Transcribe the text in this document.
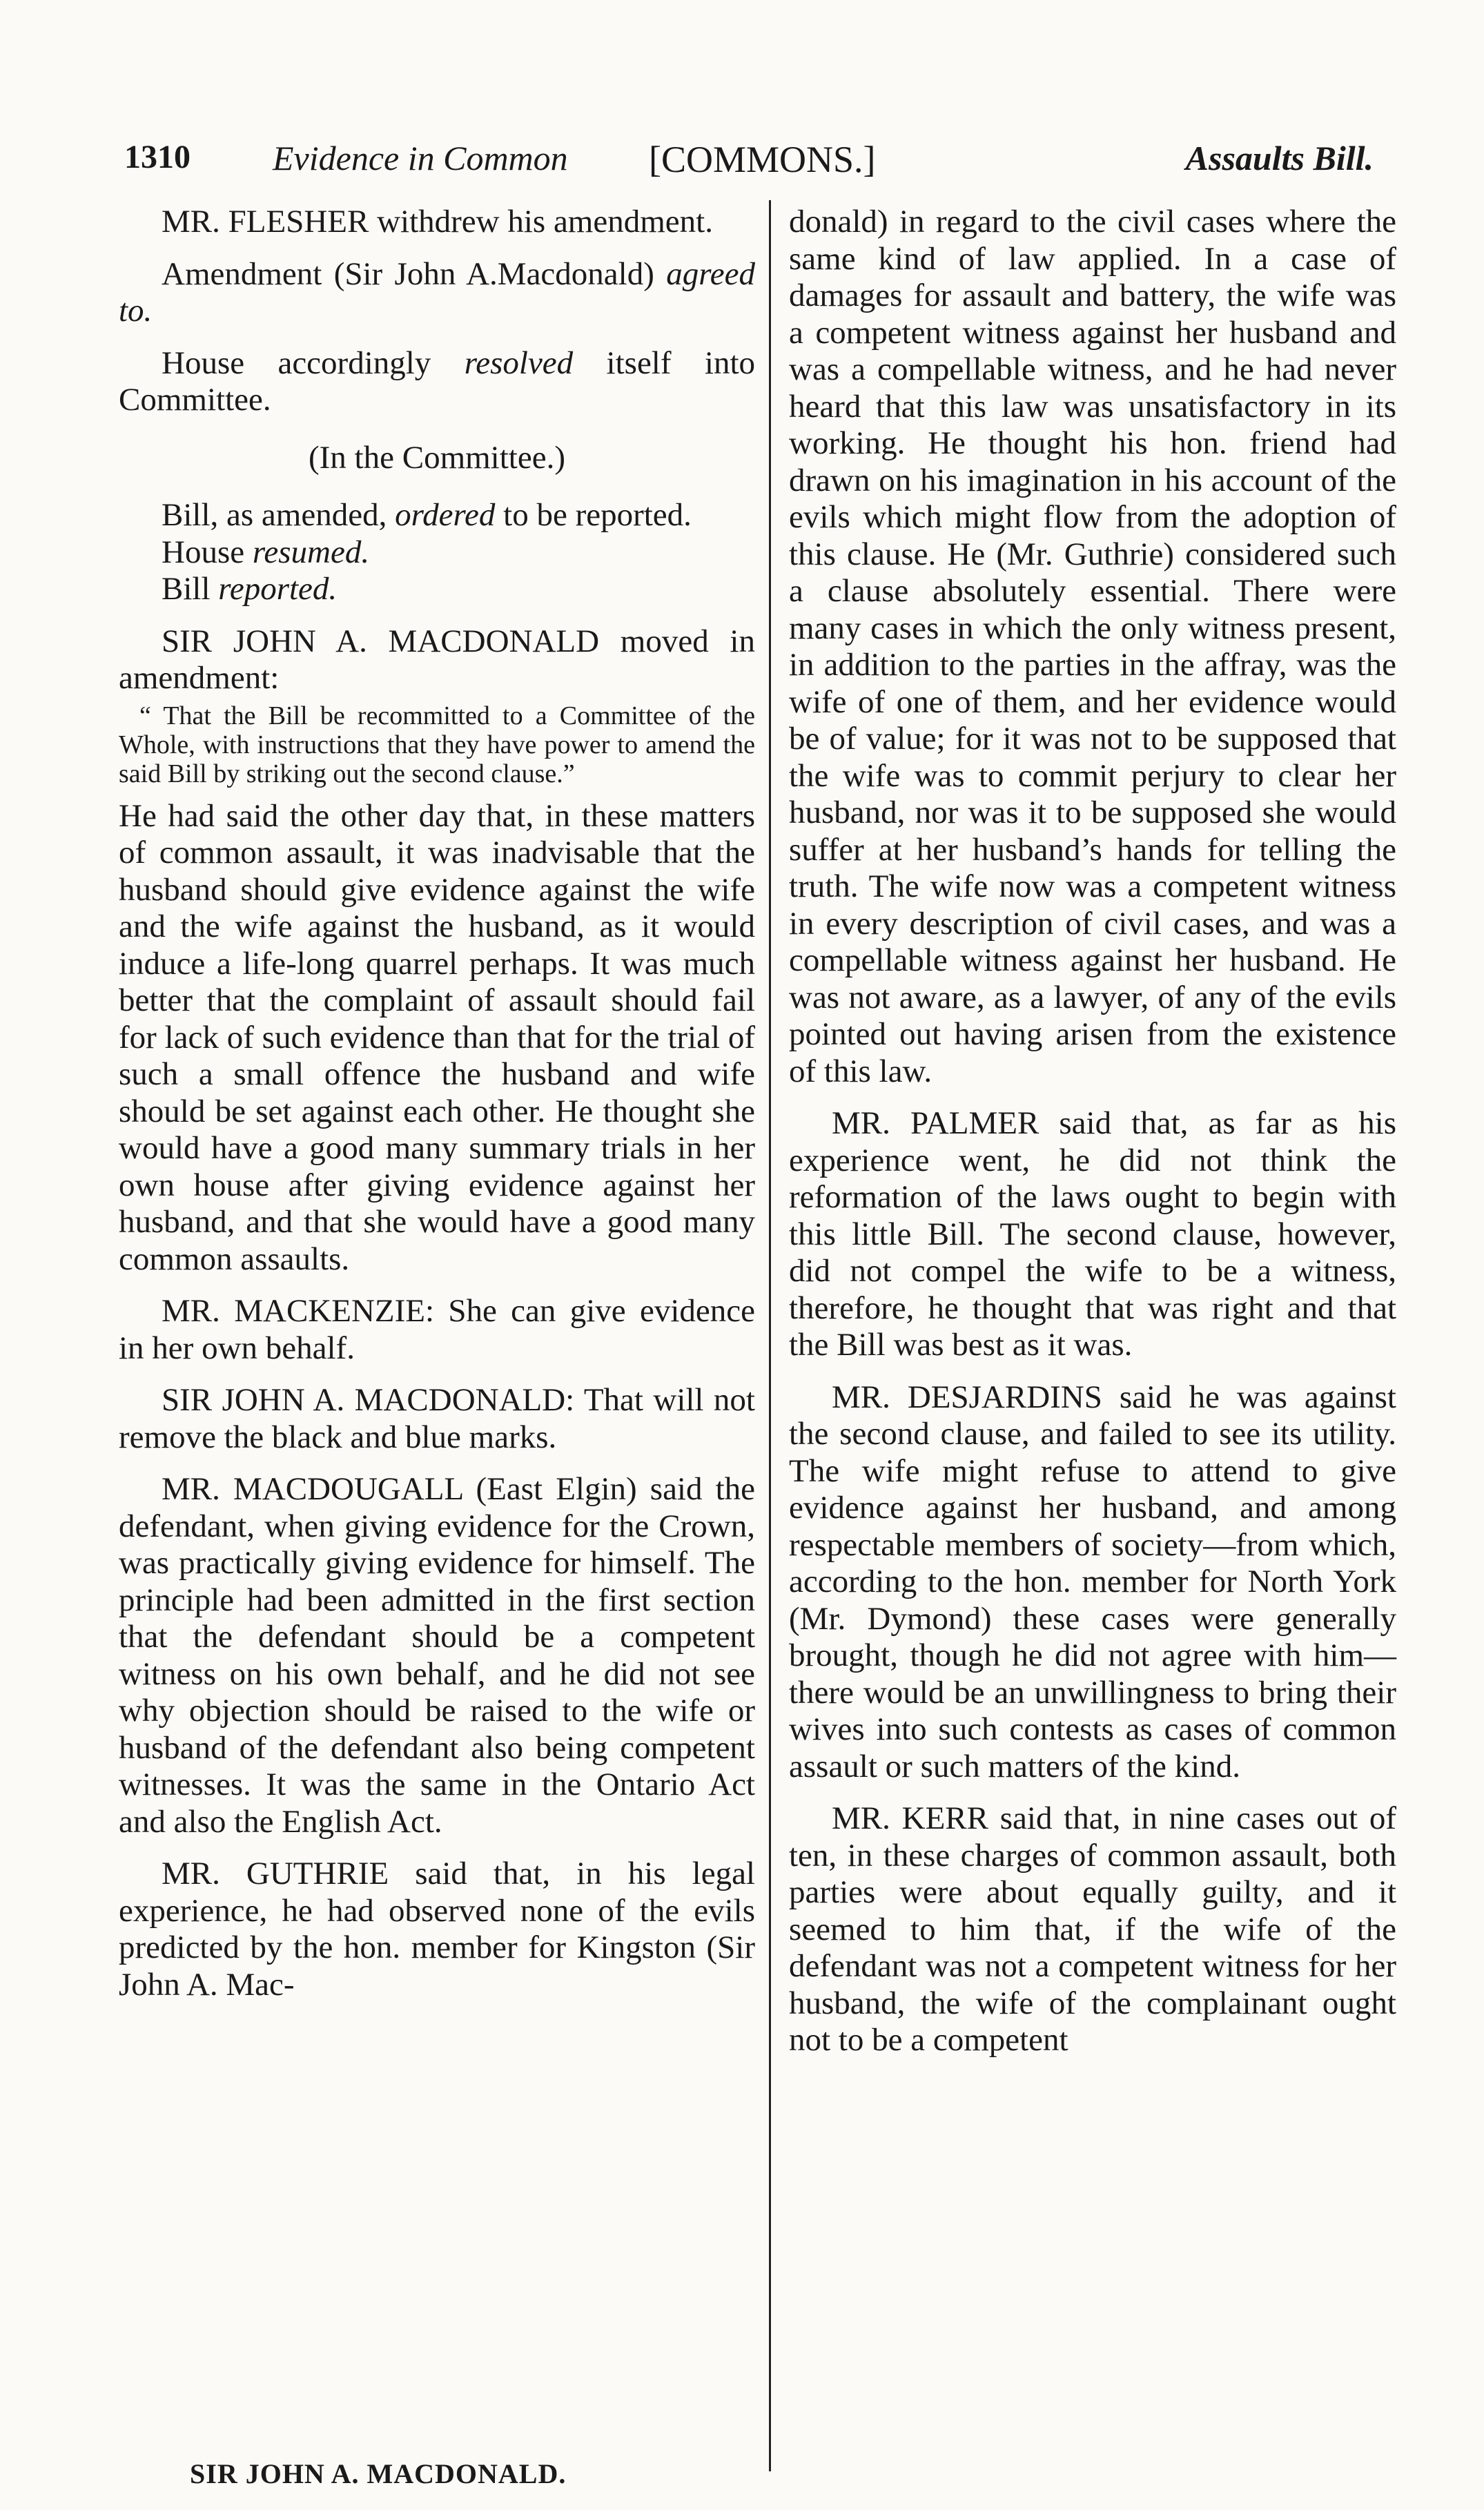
1310 Evidence in Common [COMMONS.]	Assaults Bill.

MR. FLESHER withdrew his amendment.

Amendment (Sir John A.Macdonald) agreed to.

House accordingly resolved itself into Committee.

(In the Committee.)

Bill, as amended, ordered to be reported.

House resumed.

Bill reported.

SIR JOHN A. MACDONALD moved in amendment:

“ That the Bill be recommitted to a Committee of the Whole, with instructions that they have power to amend the said Bill by striking out the second clause.”

He had said the other day that, in these matters of common assault, it was inadvisable that the husband should give evidence against the wife and the wife against the husband, as it would induce a life-long quarrel perhaps. It was much better that the complaint of assault should fail for lack of such evidence than that for the trial of such a small offence the husband and wife should be set against each other. He thought she would have a good many summary trials in her own house after giving evidence against her husband, and that she would have a good many common assaults.

MR. MACKENZIE: She can give evidence in her own behalf.

SIR JOHN A. MACDONALD: That will not remove the black and blue marks.

MR. MACDOUGALL (East Elgin) said the defendant, when giving evidence for the Crown, was practically giving evidence for himself. The principle had been admitted in the first section that the defendant should be a competent witness on his own behalf, and he did not see why objection should be raised to the wife or husband of the defendant also being competent witnesses. It was the same in the Ontario Act and also the English Act.

MR. GUTHRIE said that, in his legal experience, he had observed none of the evils predicted by the hon. member for Kingston (Sir John A. Mac-

donald) in regard to the civil cases where the same kind of law applied. In a case of damages for assault and battery, the wife was a competent witness against her husband and was a compellable witness, and he had never heard that this law was unsatisfactory in its working. He thought his hon. friend had drawn on his imagination in his account of the evils which might flow from the adoption of this clause. He (Mr. Guthrie) considered such a clause absolutely essential. There were many cases in which the only witness present, in addition to the parties in the affray, was the wife of one of them, and her evidence would be of value; for it was not to be supposed that the wife was to commit perjury to clear her husband, nor was it to be supposed she would suffer at her husband’s hands for telling the truth. The wife now was a competent witness in every description of civil cases, and was a compellable witness against her husband. He was not aware, as a lawyer, of any of the evils pointed out having arisen from the existence of this law.

MR. PALMER said that, as far as his experience went, he did not think the reformation of the laws ought to begin with this little Bill. The second clause, however, did not compel the wife to be a witness, therefore, he thought that was right and that the Bill was best as it was.

MR. DESJARDINS said he was against the second clause, and failed to see its utility. The wife might refuse to attend to give evidence against her husband, and among respectable members of society—from which, according to the hon. member for North York (Mr. Dymond) these cases were generally brought, though he did not agree with him—there would be an unwillingness to bring their wives into such contests as cases of common assault or such matters of the kind.

MR. KERR said that, in nine cases out of ten, in these charges of common assault, both parties were about equally guilty, and it seemed to him that, if the wife of the defendant was not a competent witness for her husband, the wife of the complainant ought not to be a competent

SIR JOHN A. MACDONALD.
